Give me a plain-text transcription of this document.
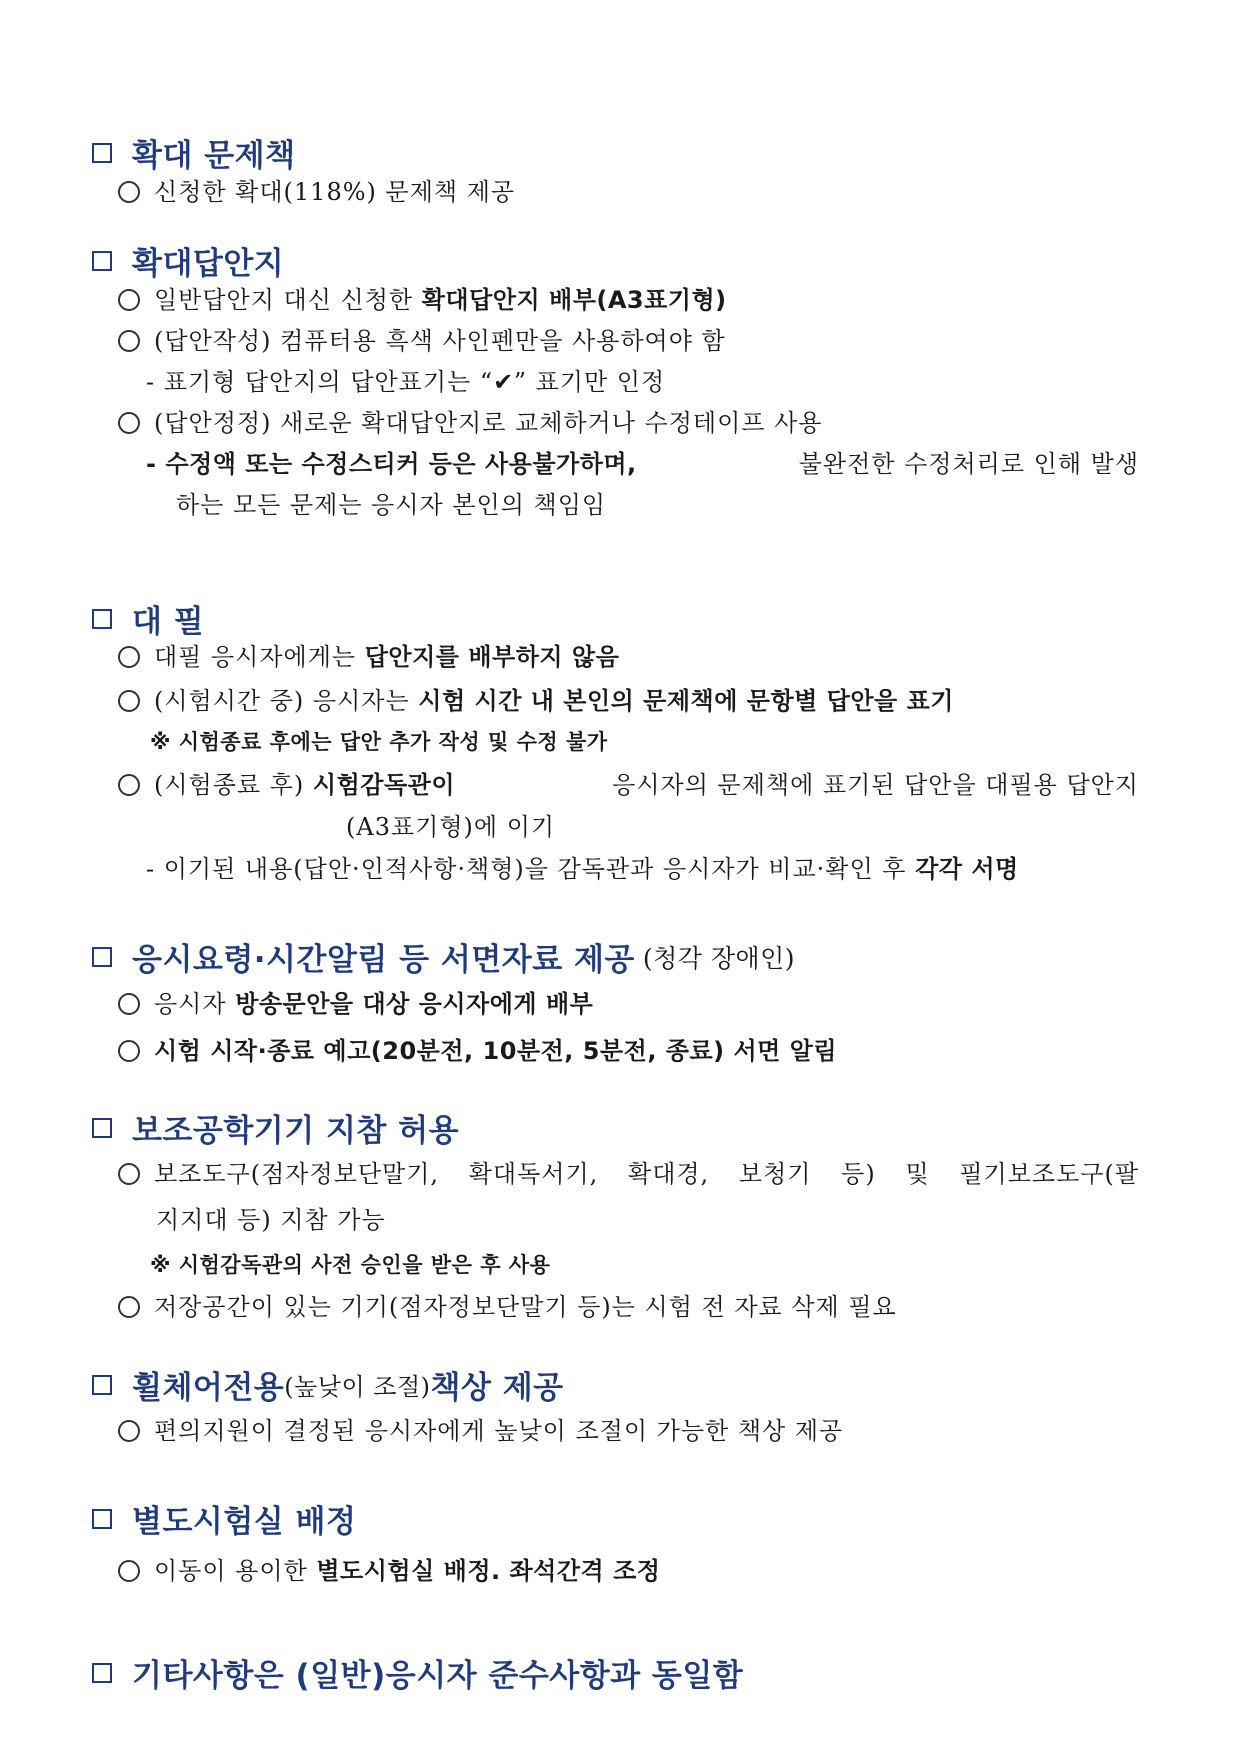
확대 문제책
신청한 확대(118%) 문제책 제공
확대답안지
일반답안지 대신 신청한 확대답안지 배부(A3표기형)
(답안작성) 컴퓨터용 흑색 사인펜만을 사용하여야 함
- 표기형 답안지의 답안표기는 “✔” 표기만 인정
(답안정정) 새로운 확대답안지로 교체하거나 수정테이프 사용
- 수정액 또는 수정스티커 등은 사용불가하며,	불완전한 수정처리로 인해 발생
하는 모든 문제는 응시자 본인의 책임임
대 필
대필 응시자에게는 답안지를 배부하지 않음
(시험시간 중) 응시자는 시험 시간 내 본인의 문제책에 문항별 답안을 표기
※ 시험종료 후에는 답안 추가 작성 및 수정 불가
(시험종료 후) 시험감독관이	응시자의 문제책에 표기된 답안을 대필용 답안지
(A3표기형)에 이기
- 이기된 내용(답안·인적사항·책형)을 감독관과 응시자가 비교·확인 후 각각 서명
응시요령·시간알림 등 서면자료 제공 (청각 장애인)
응시자 방송문안을 대상 응시자에게 배부
시험 시작·종료 예고(20분전, 10분전, 5분전, 종료) 서면 알림
보조공학기기 지참 허용
보조도구(점자정보단말기, 확대독서기, 확대경, 보청기 등) 및 필기보조도구(팔
지지대 등) 지참 가능
※ 시험감독관의 사전 승인을 받은 후 사용
저장공간이 있는 기기(점자정보단말기 등)는 시험 전 자료 삭제 필요
휠체어전용 (높낮이 조절) 책상 제공
편의지원이 결정된 응시자에게 높낮이 조절이 가능한 책상 제공
별도시험실 배정
이동이 용이한 별도시험실 배정. 좌석간격 조정
기타사항은 (일반)응시자 준수사항과 동일함
